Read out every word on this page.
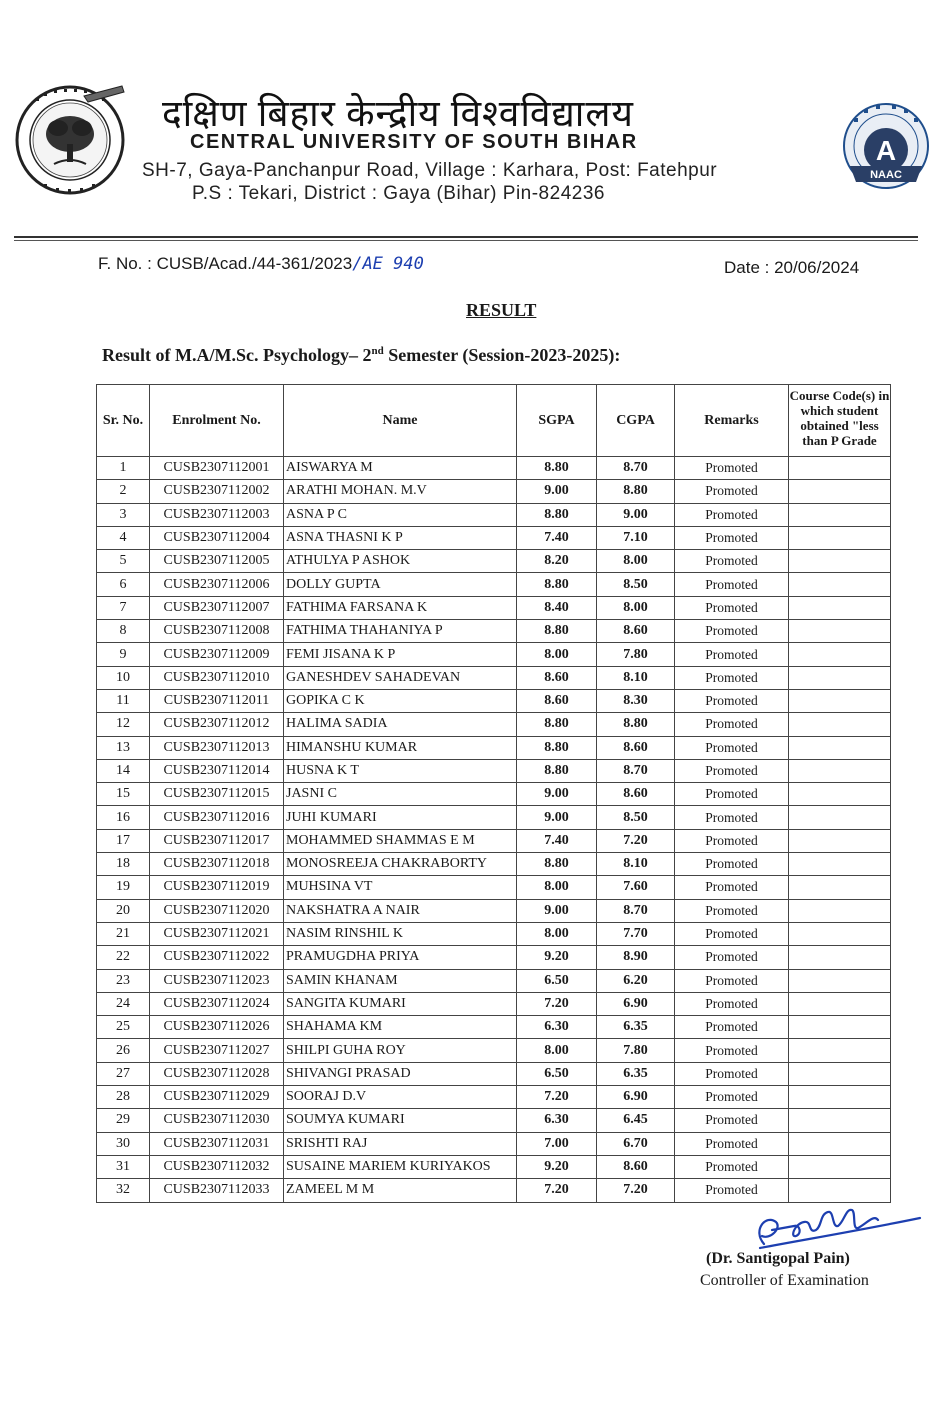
दक्षिण बिहार केन्द्रीय विश्वविद्यालय
CENTRAL UNIVERSITY OF SOUTH BIHAR
SH-7, Gaya-Panchanpur Road, Village : Karhara, Post: Fatehpur
P.S : Tekari, District : Gaya (Bihar) Pin-824236
A
NAAC
F. No. : CUSB/Acad./44-361/2023/AE 940	Date : 20/06/2024
RESULT
Result of M.A/M.Sc. Psychology– 2nd Semester (Session-2023-2025):
Sr. No.	Enrolment No.	Name	SGPA	CGPA	Remarks	Course Code(s) in which student obtained "less than P Grade
1	CUSB2307112001	AISWARYA M	8.80	8.70	Promoted	
2	CUSB2307112002	ARATHI MOHAN. M.V	9.00	8.80	Promoted	
3	CUSB2307112003	ASNA P C	8.80	9.00	Promoted	
4	CUSB2307112004	ASNA THASNI K P	7.40	7.10	Promoted	
5	CUSB2307112005	ATHULYA P ASHOK	8.20	8.00	Promoted	
6	CUSB2307112006	DOLLY GUPTA	8.80	8.50	Promoted	
7	CUSB2307112007	FATHIMA FARSANA K	8.40	8.00	Promoted	
8	CUSB2307112008	FATHIMA THAHANIYA P	8.80	8.60	Promoted	
9	CUSB2307112009	FEMI JISANA K P	8.00	7.80	Promoted	
10	CUSB2307112010	GANESHDEV SAHADEVAN	8.60	8.10	Promoted	
11	CUSB2307112011	GOPIKA C K	8.60	8.30	Promoted	
12	CUSB2307112012	HALIMA SADIA	8.80	8.80	Promoted	
13	CUSB2307112013	HIMANSHU KUMAR	8.80	8.60	Promoted	
14	CUSB2307112014	HUSNA K T	8.80	8.70	Promoted	
15	CUSB2307112015	JASNI C	9.00	8.60	Promoted	
16	CUSB2307112016	JUHI KUMARI	9.00	8.50	Promoted	
17	CUSB2307112017	MOHAMMED SHAMMAS E M	7.40	7.20	Promoted	
18	CUSB2307112018	MONOSREEJA CHAKRABORTY	8.80	8.10	Promoted	
19	CUSB2307112019	MUHSINA VT	8.00	7.60	Promoted	
20	CUSB2307112020	NAKSHATRA A NAIR	9.00	8.70	Promoted	
21	CUSB2307112021	NASIM RINSHIL K	8.00	7.70	Promoted	
22	CUSB2307112022	PRAMUGDHA PRIYA	9.20	8.90	Promoted	
23	CUSB2307112023	SAMIN KHANAM	6.50	6.20	Promoted	
24	CUSB2307112024	SANGITA KUMARI	7.20	6.90	Promoted	
25	CUSB2307112026	SHAHAMA KM	6.30	6.35	Promoted	
26	CUSB2307112027	SHILPI GUHA ROY	8.00	7.80	Promoted	
27	CUSB2307112028	SHIVANGI PRASAD	6.50	6.35	Promoted	
28	CUSB2307112029	SOORAJ D.V	7.20	6.90	Promoted	
29	CUSB2307112030	SOUMYA KUMARI	6.30	6.45	Promoted	
30	CUSB2307112031	SRISHTI RAJ	7.00	6.70	Promoted	
31	CUSB2307112032	SUSAINE MARIEM KURIYAKOS	9.20	8.60	Promoted	
32	CUSB2307112033	ZAMEEL M M	7.20	7.20	Promoted	
(Dr. Santigopal Pain)
Controller of Examination
